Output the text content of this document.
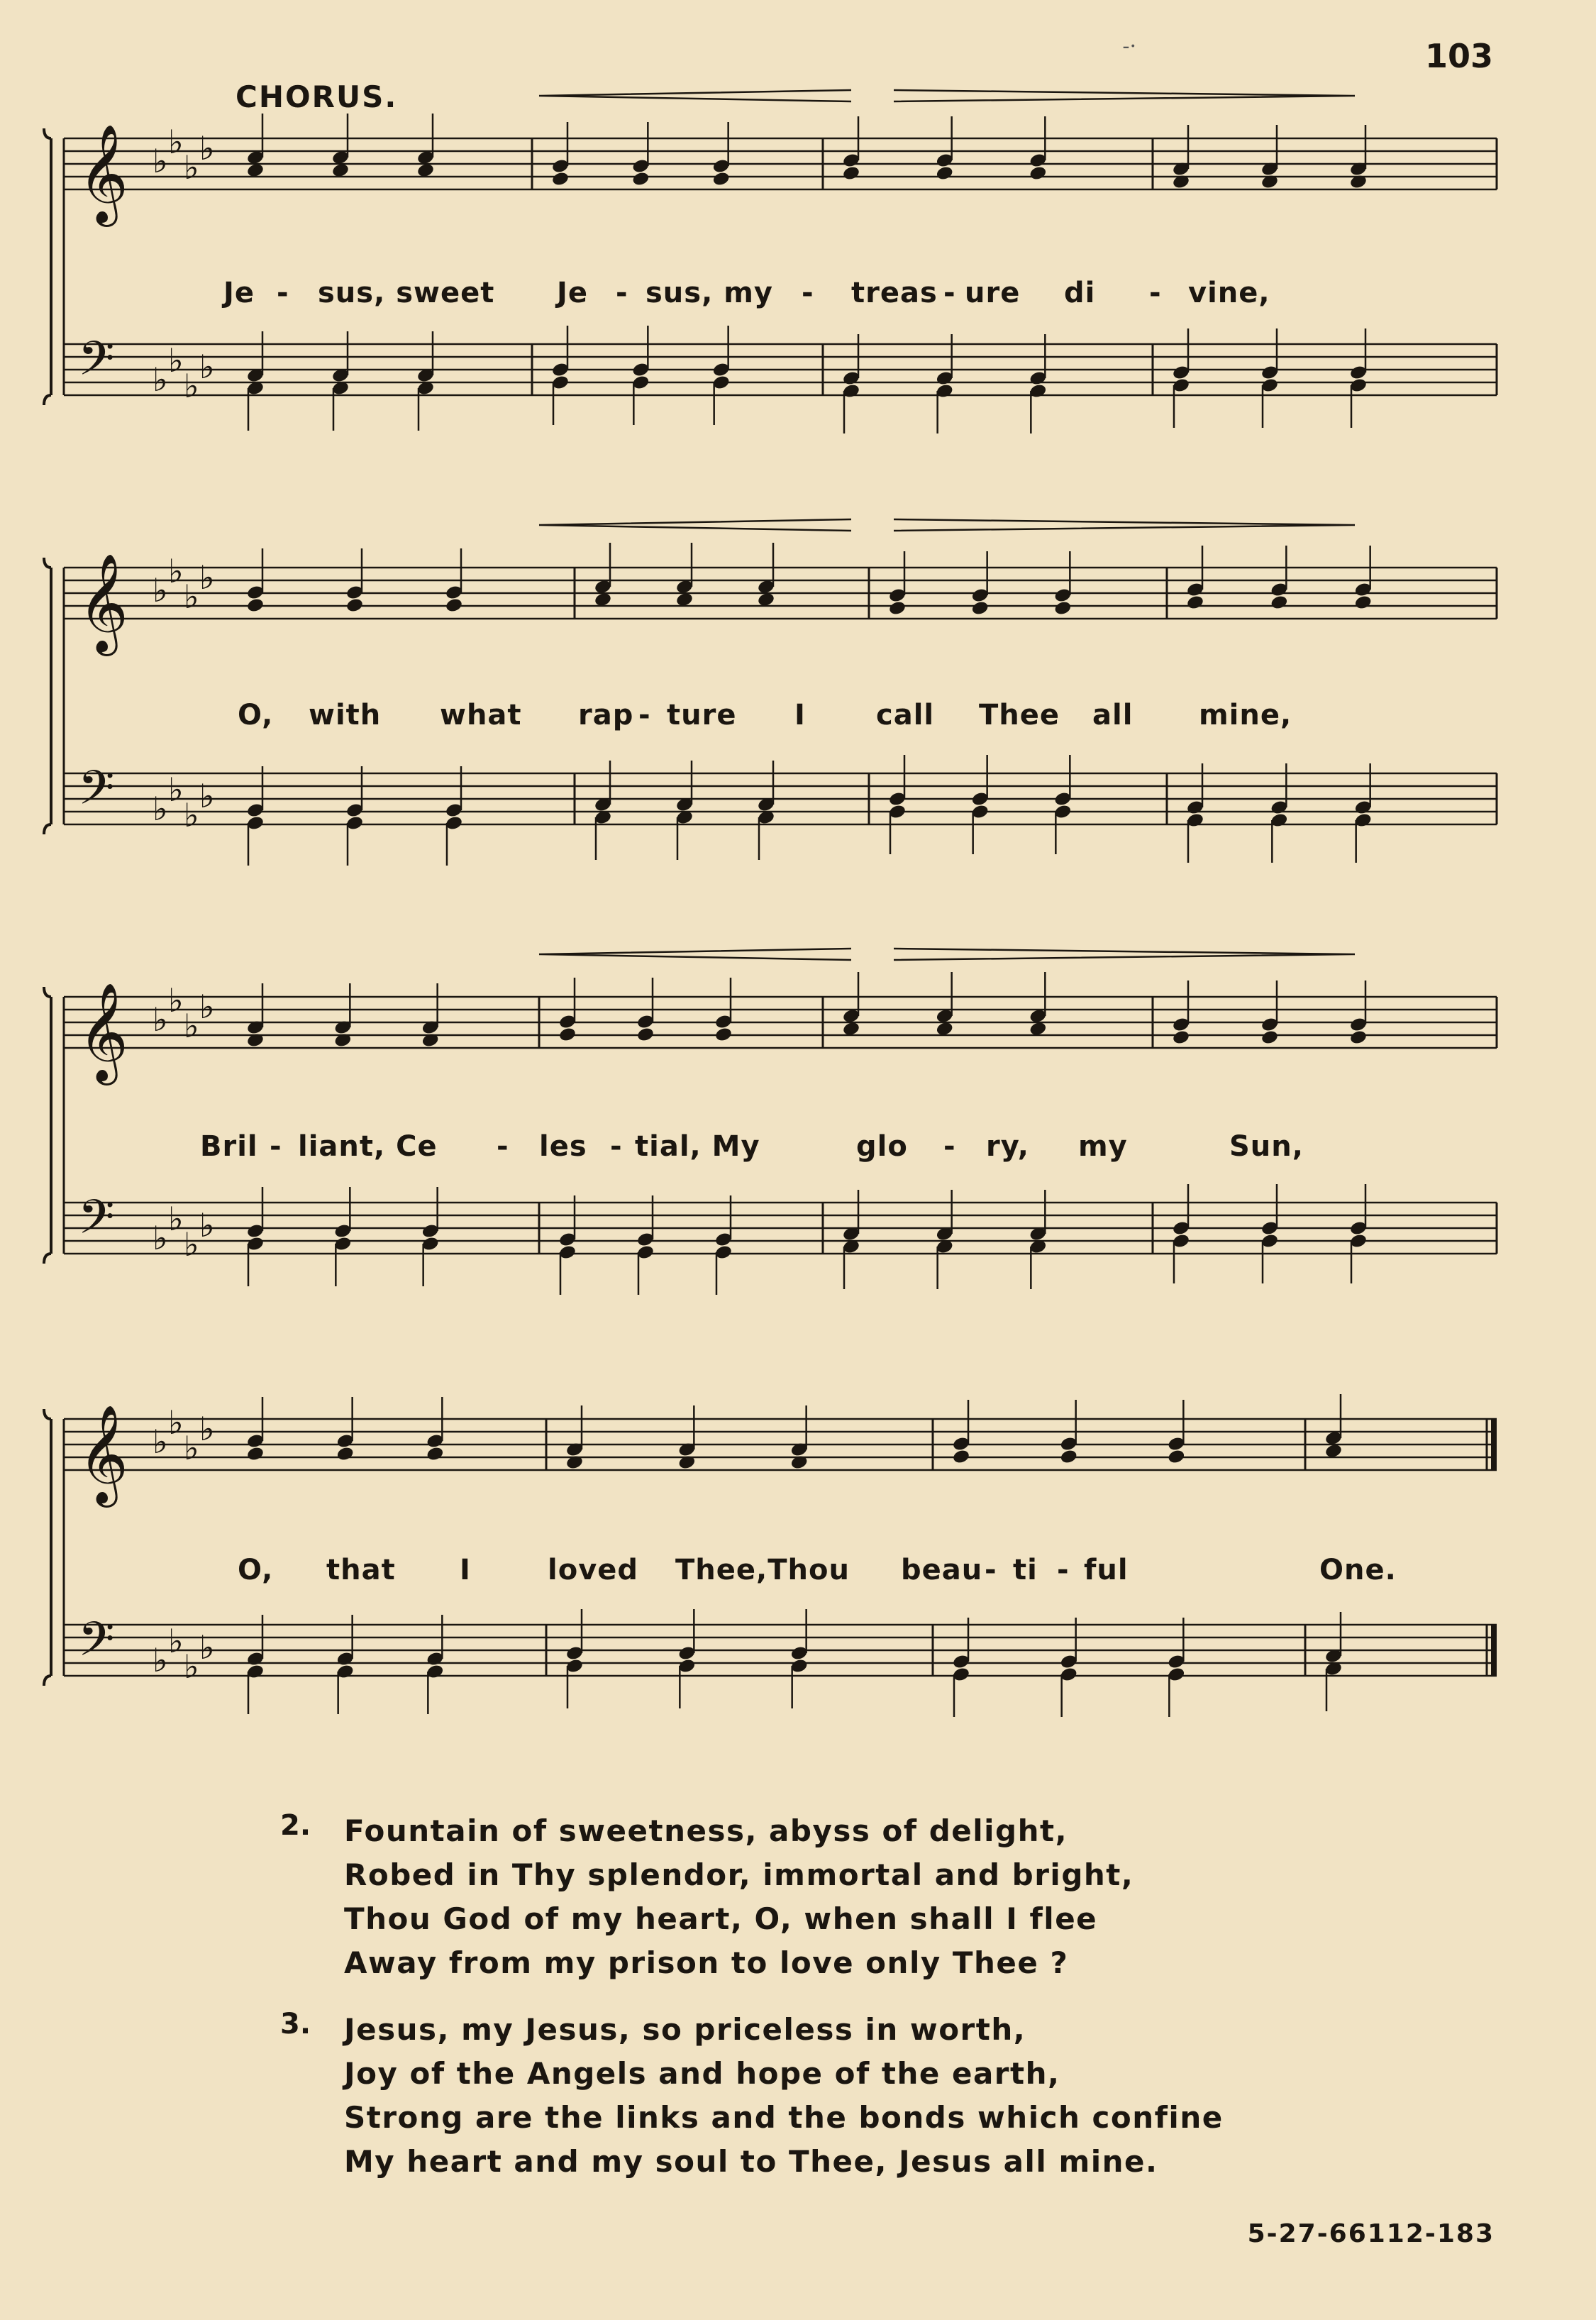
103
-·
CHORUS.
𝄞 ♭ ♭
♭ ♭
𝄢 ♭ ♭
♭ ♭
Je - sus, sweet Je - sus, my - treas - ure di - vine,
𝄞 ♭ ♭
♭ ♭
𝄢 ♭ ♭
♭ ♭
O, with what rap - ture I call Thee all mine,
𝄞 ♭ ♭
♭ ♭
𝄢 ♭ ♭
♭ ♭
Bril - liant, Ce - les - tial, My	glo - ry, my	Sun,
𝄞 ♭ ♭
♭ ♭
𝄢 ♭ ♭
♭ ♭
O, that I	loved Thee,Thou beau - ti - ful	One.
2. Fountain of sweetness, abyss of delight,
Robed in Thy splendor, immortal and bright,
Thou God of my heart, O, when shall I flee
Away from my prison to love only Thee ?
3. Jesus, my Jesus, so priceless in worth,
Joy of the Angels and hope of the earth,
Strong are the links and the bonds which confine
My heart and my soul to Thee, Jesus all mine.
5-27-66112-183
